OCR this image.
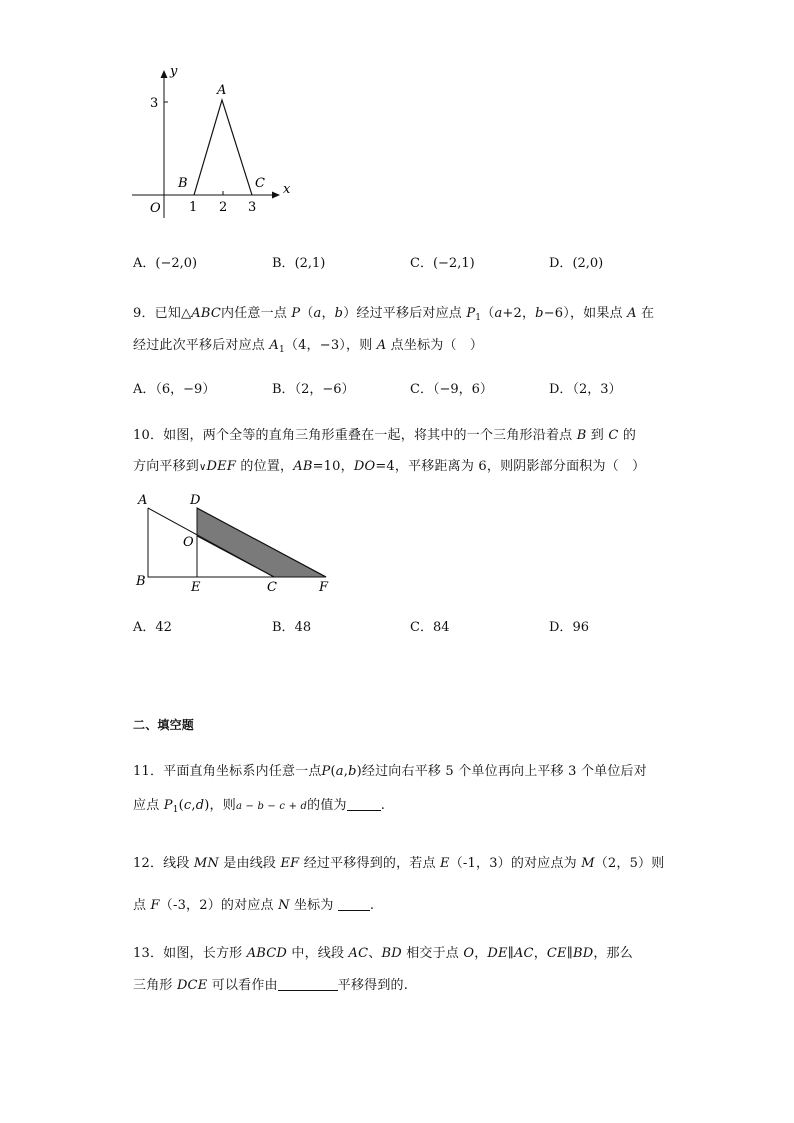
y
x
O
3
1 2 3
A
B	C
A．(−2,0)	B．(2,1)	C．(−2,1)	D．(2,0)
9．已知△ABC内任意一点 P（a，b）经过平移后对应点 $P_1(a+2$，b−6），如果点 A 在
经过此次平移后对应点 $A_1(4$，−3），则 A 点坐标为（　）
A．（6，−9）	B．（2，−6）	C．（−9，6）	D．（2，3）
10．如图，两个全等的直角三角形重叠在一起，将其中的一个三角形沿着点 B 到 C 的
方向平移到∨DEF 的位置，AB=10，DO=4，平移距离为 6，则阴影部分面积为（　）
A	D
O
B	E	C	F
A．42	B．48	C．84	D．96
二、填空题
11．平面直角坐标系内任意一点P(a,b)经过向右平移 5 个单位再向上平移 3 个单位后对
应点 $P_1(c,d)$，则a − b − c + d的值为	.
12．线段 MN 是由线段 EF 经过平移得到的，若点 E（-1，3）的对应点为 M（2，5）则
点 F（-3，2）的对应点 N 坐标为 .
13．如图，长方形 ABCD 中，线段 AC、BD 相交于点 O，DE∥AC，CE∥BD，那么
三角形 DCE 可以看作由	平移得到的.
